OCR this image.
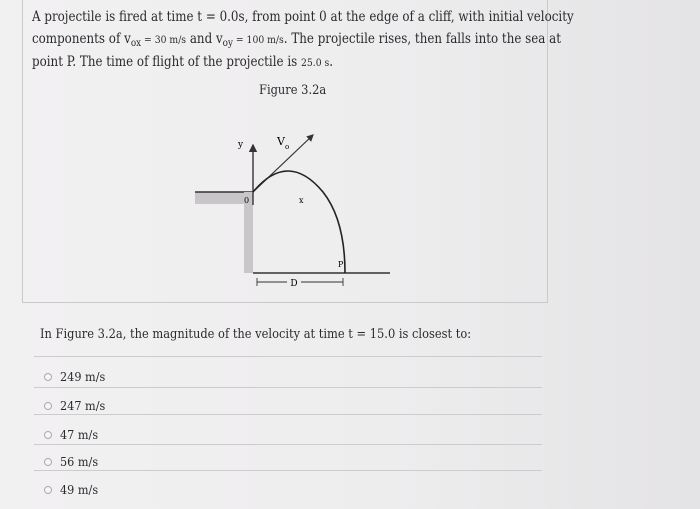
A projectile is fired at time t = 0.0s, from point 0 at the edge of a cliff, with initial velocity
components of $v_{ox} = 30$ m/s and $v_{oy} = 100$ m/s. The projectile rises, then falls into the sea at
point P. The time of flight of the projectile is 25.0 s.
Figure 3.2a
D
y	V o
0	x
P
In Figure 3.2a, the magnitude of the velocity at time t = 15.0 is closest to:
249 m/s
247 m/s
47 m/s
56 m/s
49 m/s
